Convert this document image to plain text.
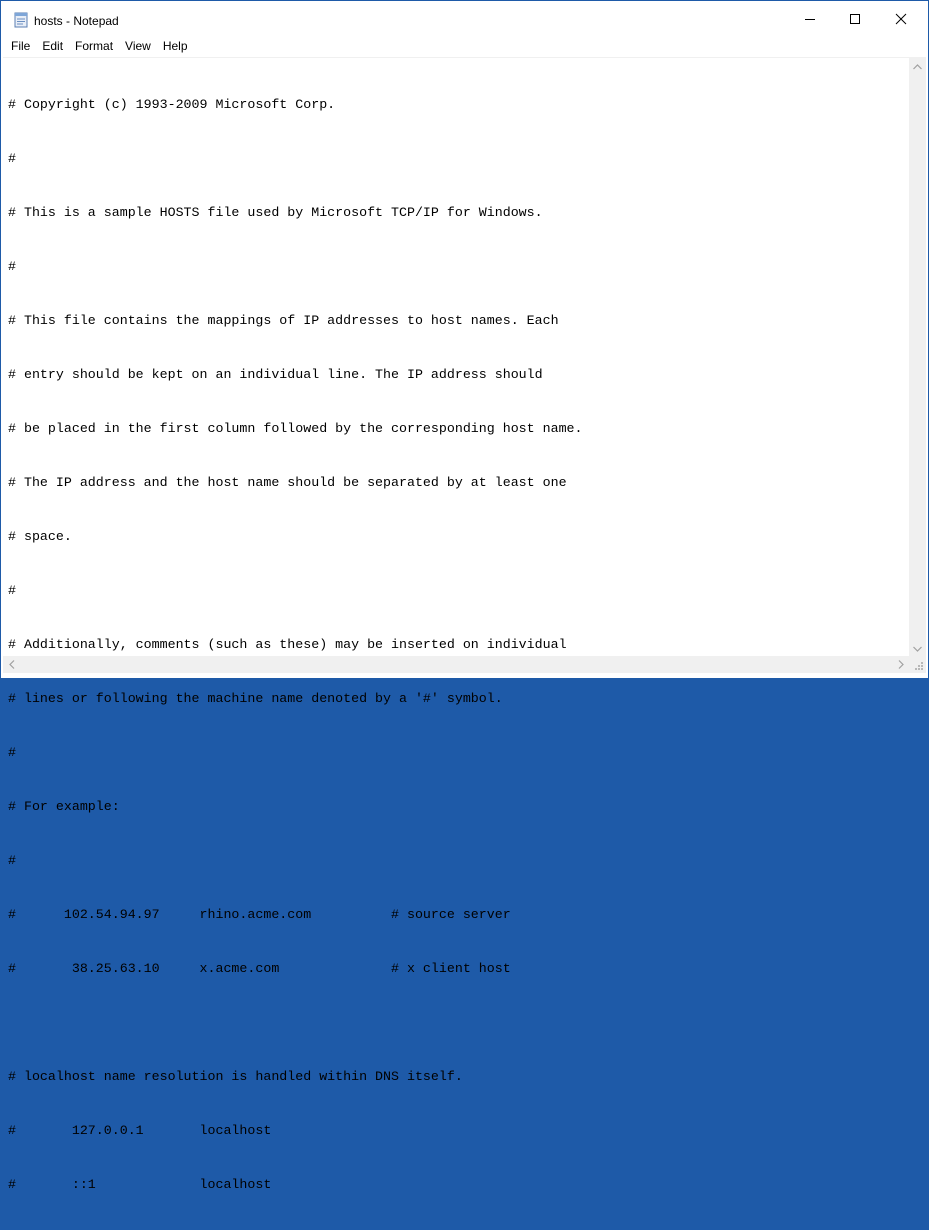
hosts - Notepad
File	Edit	Format	View	Help

# Copyright (c) 1993-2009 Microsoft Corp.

#

# This is a sample HOSTS file used by Microsoft TCP/IP for Windows.

#

# This file contains the mappings of IP addresses to host names. Each

# entry should be kept on an individual line. The IP address should

# be placed in the first column followed by the corresponding host name.

# The IP address and the host name should be separated by at least one

# space.

#

# Additionally, comments (such as these) may be inserted on individual

# lines or following the machine name denoted by a '#' symbol.

#

# For example:

#

#      102.54.94.97     rhino.acme.com          # source server

#       38.25.63.10     x.acme.com              # x client host

# localhost name resolution is handled within DNS itself.

#	127.0.0.1       localhost

#	::1             localhost
